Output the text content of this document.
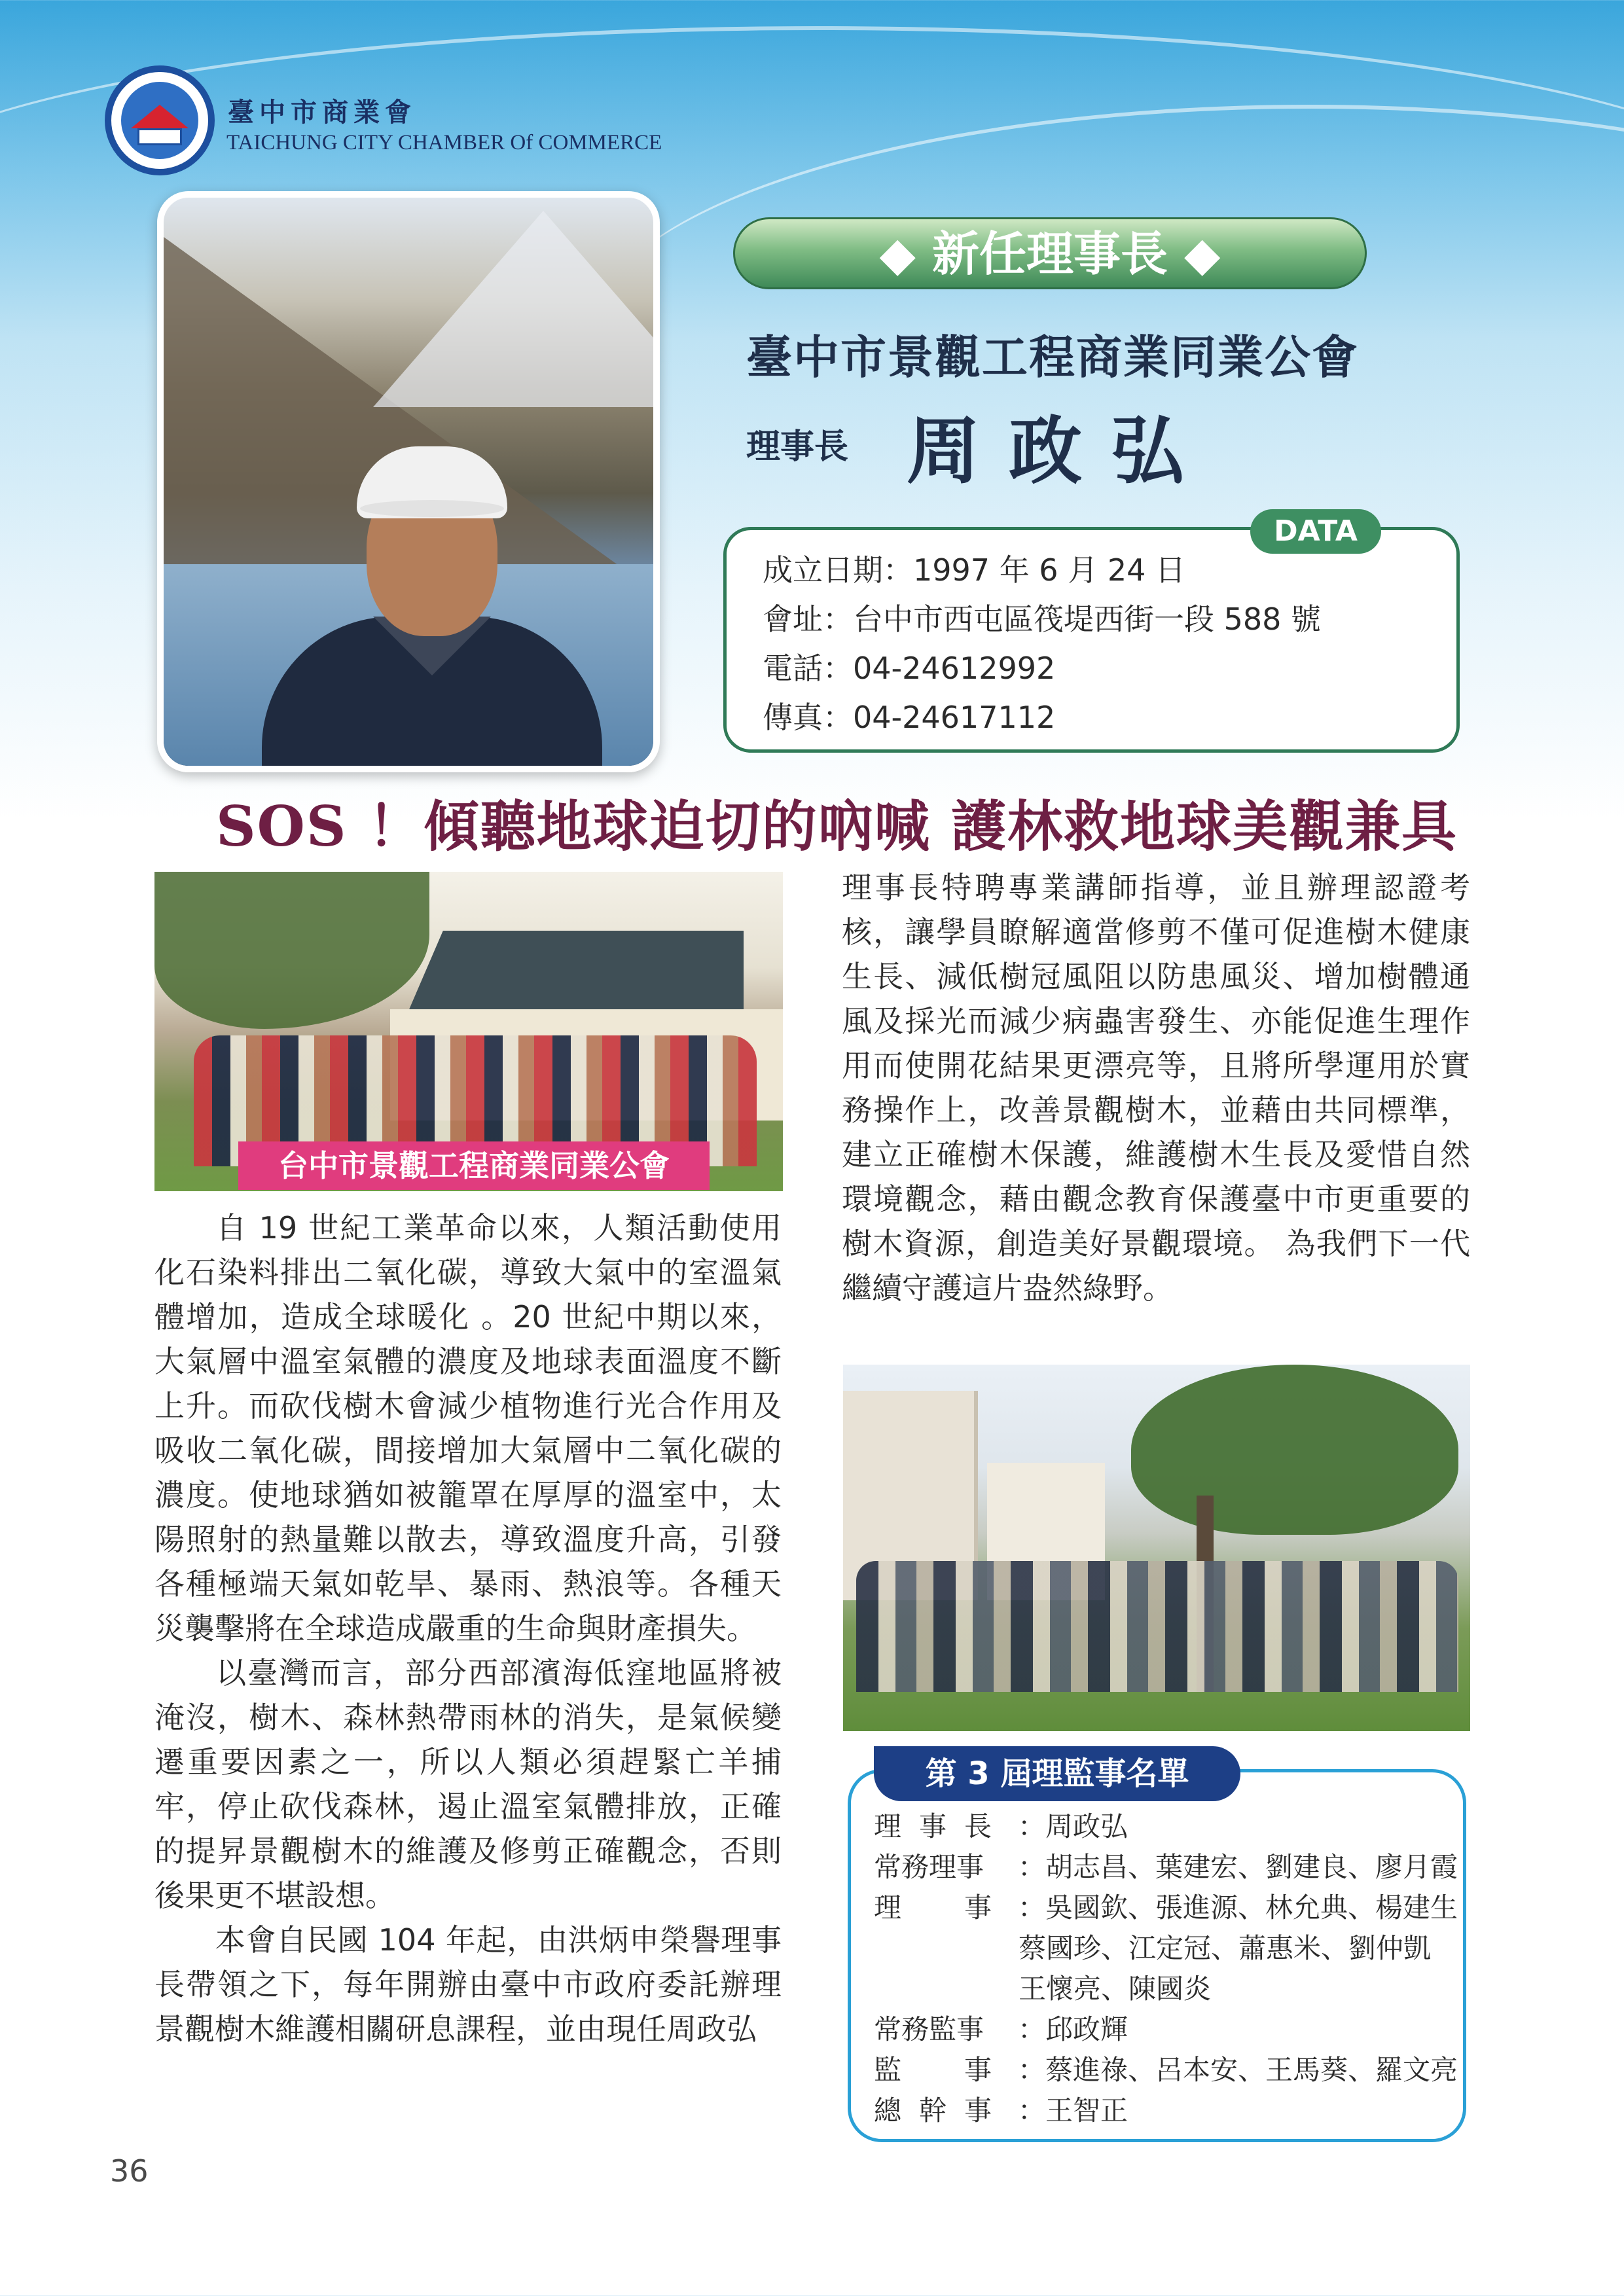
臺中市商業會
TAICHUNG CITY CHAMBER Of COMMERCE
◆ 新任理事長 ◆
臺中市景觀工程商業同業公會
理事長 周政弘
DATA
成立日期：1997 年 6 月 24 日
會址：台中市西屯區筏堤西街一段 588 號
電話：04-24612992
傳真：04-24617112
SOS ！傾聽地球迫切的吶喊 護林救地球美觀兼具
台中市景觀工程商業同業公會

自 19 世紀工業革命以來，人類活動使用化石染料排出二氧化碳，導致大氣中的室溫氣體增加，造成全球暖化 。20 世紀中期以來，大氣層中溫室氣體的濃度及地球表面溫度不斷上升。而砍伐樹木會減少植物進行光合作用及吸收二氧化碳，間接增加大氣層中二氧化碳的濃度。使地球猶如被籠罩在厚厚的溫室中，太陽照射的熱量難以散去，導致溫度升高，引發各種極端天氣如乾旱、暴雨、熱浪等。各種天災襲擊將在全球造成嚴重的生命與財產損失。

以臺灣而言，部分西部濱海低窪地區將被淹沒，樹木、森林熱帶雨林的消失，是氣候變遷重要因素之一，所以人類必須趕緊亡羊捕牢，停止砍伐森林，遏止溫室氣體排放，正確的提昇景觀樹木的維護及修剪正確觀念，否則後果更不堪設想。

本會自民國 104 年起，由洪炳申榮譽理事長帶領之下，每年開辦由臺中市政府委託辦理景觀樹木維護相關研息課程，並由現任周政弘

理事長特聘專業講師指導，並且辦理認證考核，讓學員瞭解適當修剪不僅可促進樹木健康生長、減低樹冠風阻以防患風災、增加樹體通風及採光而減少病蟲害發生、亦能促進生理作用而使開花結果更漂亮等，且將所學運用於實務操作上，改善景觀樹木，並藉由共同標準，建立正確樹木保護，維護樹木生長及愛惜自然環境觀念，藉由觀念教育保護臺中市更重要的樹木資源，創造美好景觀環境。 為我們下一代繼續守護這片盎然綠野。

第 3 屆理監事名單
理事長 ：周政弘
常務理事 ：胡志昌、葉建宏、劉建良、廖月霞
理事 ：吳國欽、張進源、林允典、楊建生
蔡國珍、江定冠、蕭惠米、劉仲凱
王懷亮、陳國炎
常務監事 ：邱政輝
監事 ：蔡進祿、呂本安、王馬葵、羅文亮
總幹事 ：王智正
36
